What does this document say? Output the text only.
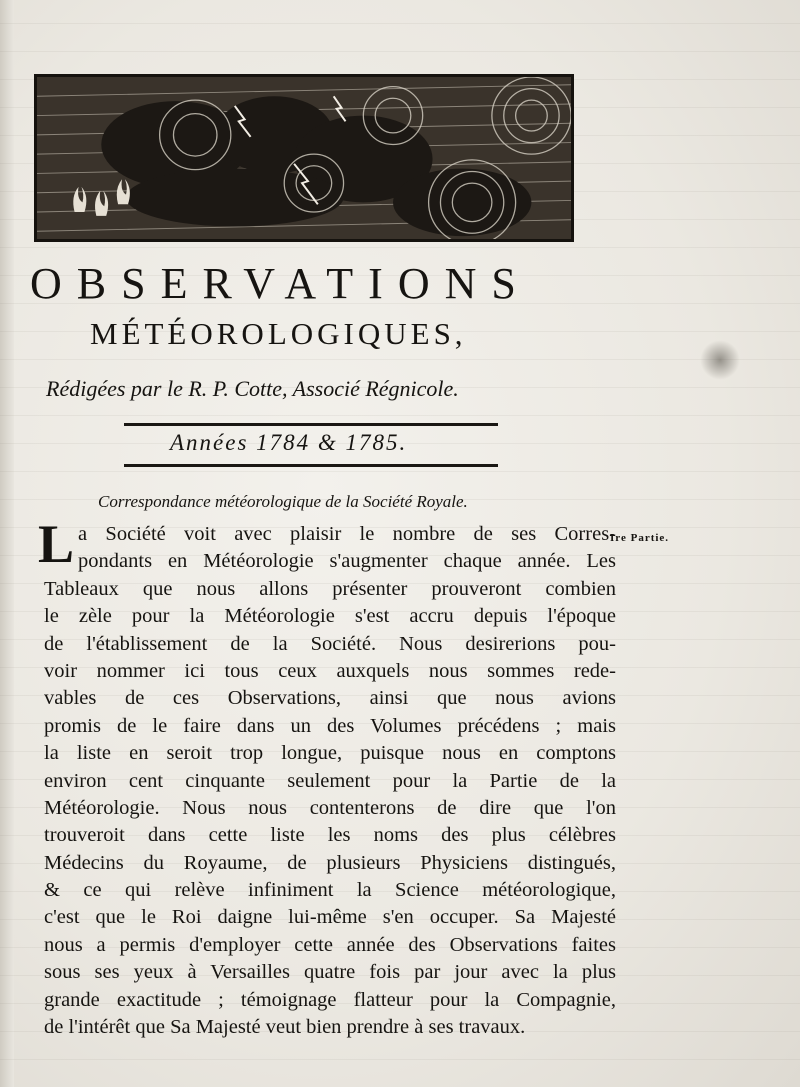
OBSERVATIONS
MÉTÉOROLOGIQUES,
Rédigées par le R. P. Cotte, Associé Régnicole.
Années 1784 & 1785.
Correspondance météorologique de la Société Royale.
Ire Partie.
L a Société voit avec plaisir le nombre de ses Corres-
pondants en Météorologie s'augmenter chaque année. Les
Tableaux que nous allons présenter prouveront combien
le zèle pour la Météorologie s'est accru depuis l'époque
de l'établissement de la Société. Nous desirerions pou-
voir nommer ici tous ceux auxquels nous sommes rede-
vables de ces Observations, ainsi que nous avions
promis de le faire dans un des Volumes précédens ; mais
la liste en seroit trop longue, puisque nous en comptons
environ cent cinquante seulement pour la Partie de la
Météorologie. Nous nous contenterons de dire que l'on
trouveroit dans cette liste les noms des plus célèbres
Médecins du Royaume, de plusieurs Physiciens distingués,
& ce qui relève infiniment la Science météorologique,
c'est que le Roi daigne lui-même s'en occuper. Sa Majesté
nous a permis d'employer cette année des Observations faites
sous ses yeux à Versailles quatre fois par jour avec la plus
grande exactitude ; témoignage flatteur pour la Compagnie,
de l'intérêt que Sa Majesté veut bien prendre à ses travaux.
